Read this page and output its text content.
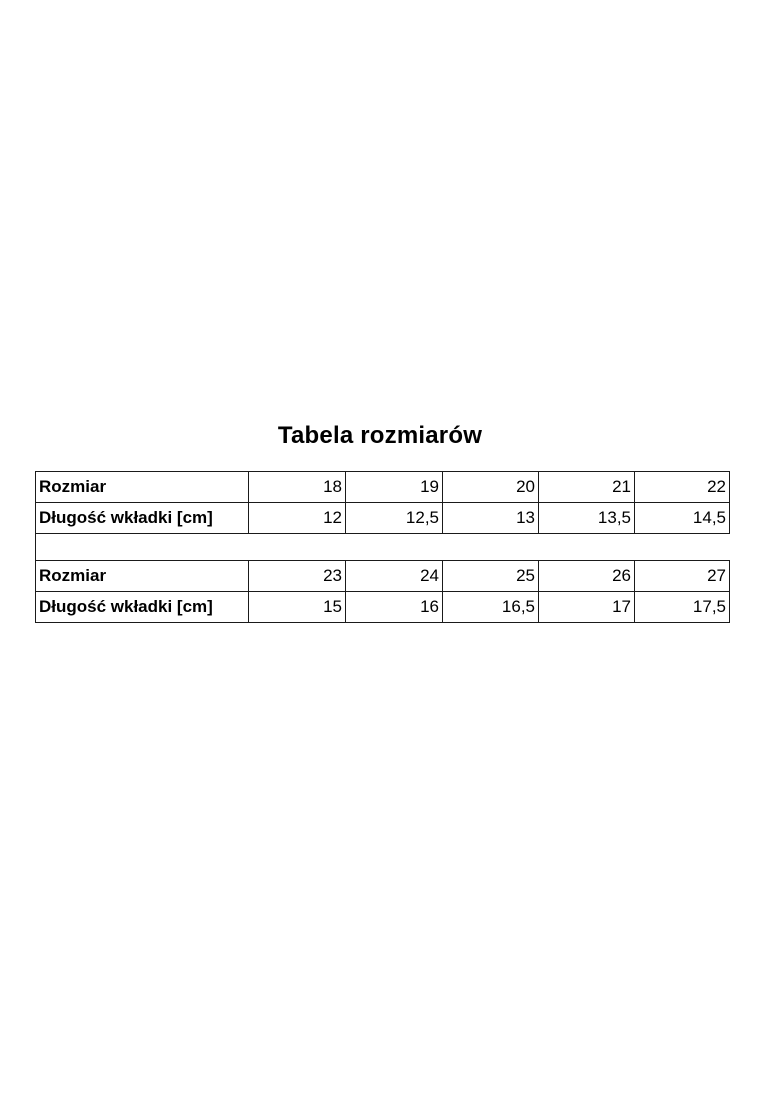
Tabela rozmiarów
Rozmiar	18	19	20	21	22
Długość wkładki [cm]	12	12,5	13	13,5	14,5

Rozmiar	23	24	25	26	27
Długość wkładki [cm]	15	16	16,5	17	17,5
